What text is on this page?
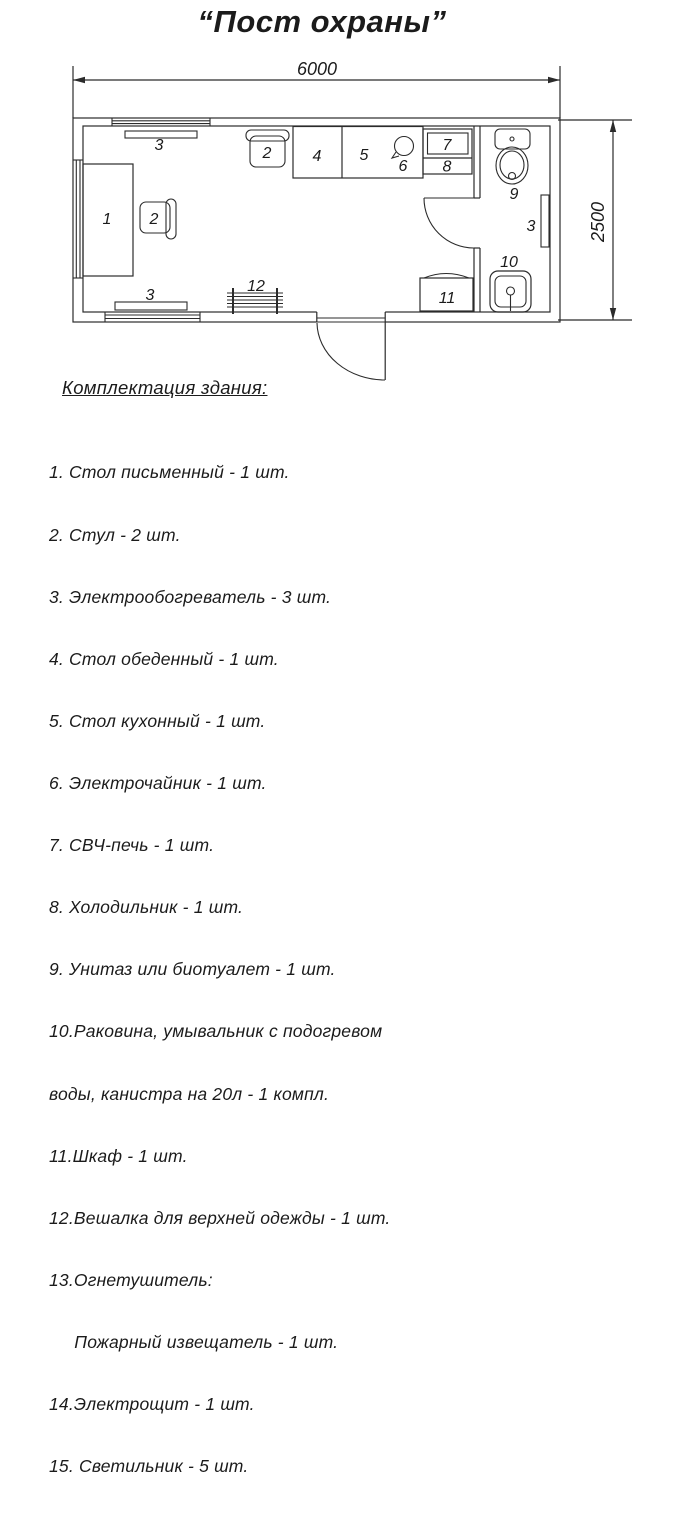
“Пост охраны”
6000
2500
1 2
3
3
2	4 5
6
7
8
12
11
9
3
10
Комплектация здания:

1. Стол письменный - 1 шт.

2. Стул - 2 шт.

3. Электрообогреватель - 3 шт.

4. Стол обеденный - 1 шт.

5. Стол кухонный - 1 шт.

6. Электрочайник - 1 шт.

7. СВЧ-печь - 1 шт.

8. Холодильник - 1 шт.

9. Унитаз или биотуалет - 1 шт.

10.Раковина, умывальник с подогревом

воды, канистра на 20л - 1 компл.

11.Шкаф - 1 шт.

12.Вешалка для верхней одежды - 1 шт.

13.Огнетушитель:

Пожарный извещатель - 1 шт.

14.Электрощит - 1 шт.

15. Светильник - 5 шт.
